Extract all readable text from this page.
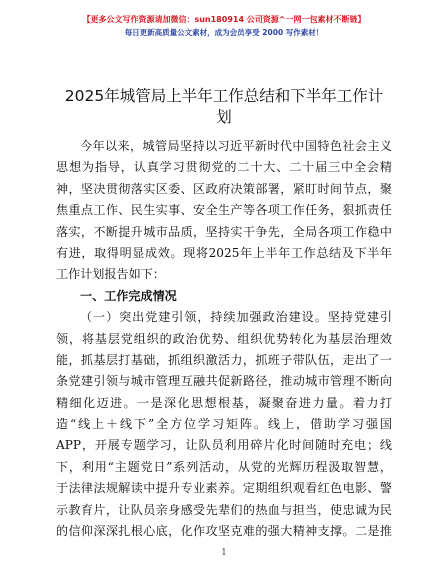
【更多公文写作资源请加微信：sun180914 公司资源^一网一包素材不断链】
每日更新高质量公文素材，成为会员享受 2000 写作素材！
2025年城管局上半年工作总结和下半年工作计划
今年以来，城管局坚持以习近平新时代中国特色社会主义
思想为指导，认真学习贯彻党的二十大、二十届三中全会精
神，坚决贯彻落实区委、区政府决策部署，紧盯时间节点，聚
焦重点工作、民生实事、安全生产等各项工作任务，狠抓责任
落实，不断提升城市品质，坚持实干争先，全局各项工作稳中
有进，取得明显成效。现将2025年上半年工作总结及下半年
工作计划报告如下：
一、工作完成情况
（一）突出党建引领，持续加强政治建设。坚持党建引
领，将基层党组织的政治优势、组织优势转化为基层治理效
能，抓基层打基础，抓组织激活力，抓班子带队伍，走出了一
条党建引领与城市管理互融共促新路径，推动城市管理不断向
精细化迈进。一是深化思想根基，凝聚奋进力量。着力打
造“线上＋线下”全方位学习矩阵。线上，借助学习强国
APP，开展专题学习，让队员利用碎片化时间随时充电；线
下，利用“主题党日”系列活动，从党的光辉历程汲取智慧，
于法律法规解读中提升专业素养。定期组织观看红色电影、警
示教育片，让队员亲身感受先辈们的热血与担当，使忠诚为民
的信仰深深扎根心底，化作攻坚克难的强大精神支撑。二是推
1
